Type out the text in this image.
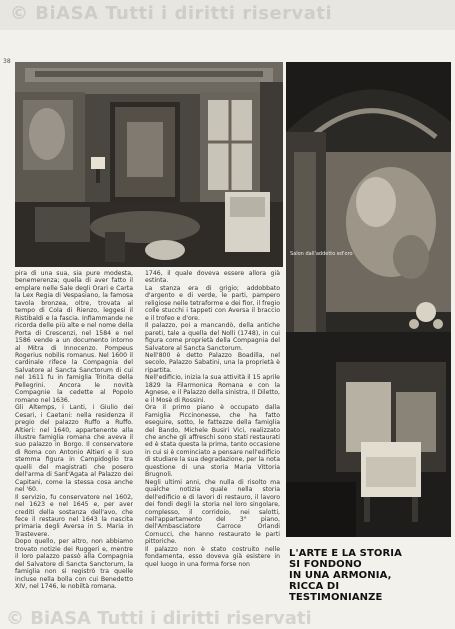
© BiASA Tutti i diritti riservati
38
Salon dall'addetto ed'oro

pira di una sua, sia pure modesta, benemerenza; quella di aver fatto il emplare nelle Sale degli Orari e Carta la Lex Regia di Vespasiano, la famosa tavola bronzea, oltre, trovata al tempo di Cola di Rienzo, leggesi il Ristibaldi e la fascia. Infiammande ne ricorda delle più alte e nel nome della Porta di Crescenzi, nel 1584 e nel 1586 vende a un documento intorno al Mitra di Innocenzo. Pompeus Rogerius nobilis romanus. Nel 1600 il cardinale rifece la Compagnia del Salvatore al Sancta Sanctorum di cui nel 1611 fu in famiglia Trinita della Pellegrini. Ancora le novità Compagnie la cedette al Popolo romano nel 1636.

Gli Altemps, i Lanti, i Giulio dei Cesari, i Caetani: nella residenza il pregio del palazzo Ruffo a Ruffo. Altieri: nel 1640, appartenente alla illustre famiglia romana che aveva il suo palazzo in Borgo. Il conservatore di Roma con Antonio Altieri e il suo stemma figura in Campidoglio tra quelli del magistrati che posero dell'arma di Sant'Agata al Palazzo dei Capitani, come la stessa cosa anche nel '60.

Il servizio, fu conservatore nel 1602, nel 1623 e nel 1645 e, per aver crediti della sostanza dell'avo, che fece il restauro nel 1643 la nascita primaria degli Aversa in S. Maria in Trastevere.

Dopo quello, per altro, non abbiamo trovato notizie dei Ruggeri e, mentre il loro palazzo passò alla Compagnia del Salvatore di Sancta Sanctorum, la famiglia non si registrò tra quelle incluse nella bolla con cui Benedetto XIV, nel 1746, le nobiltà romana.

1746, il quale doveva essere allora già estinta.

La stanza era di grigio; addobbato d'argento e di verde, le parti, pampero religiose nelle tetraforme e dei fior, il fregio colle stucchi i tappeti con Aversa il braccio e il trofeo e d'ore.

Il palazzo, poi a mancandò, della antiche pareti, tale a quella del Nolli (1748), in cui figura come proprietà della Compagnia del Salvatore al Sancta Sanctorum.

Nell'800 è detto Palazzo Boadilla, nel secolo, Palazzo Sabatini, una la proprietà è ripartita.

Nell'edificio, inizia la sua attività il 15 aprile 1829 la Filarmonica Romana e con la Agnese, e il Palazzo della sinistra, Il Diletto, e il Mosè di Rossini.

Ora il primo piano è occupato dalla Famiglia Piccinonesse, che ha fatto eseguire, sotto, le fattezze della famiglia del Bando, Michele Busiri Vici, realizzato che anche gli affreschi sono stati restaurati ed è stata questa la prima, tanto occasione in cui si è cominciato a pensare nell'edificio di studiare la sua degradazione, per la nota questione di una storia Maria Vittoria Brugnoli.

Negli ultimi anni, che nulla di risolto ma qualche notizia quale nella storia dell'edificio e di lavori di restauro, il lavoro dei fondi degli la storia nel loro singolare, complesso, il corridoio, nei salotti, nell'appartamento del 3° piano, dell'Ambasciatore Carroce Orlandi Cornucci, che hanno restaurato le parti pittoriche.

Il palazzo non è stato costruito nelle fondamenta, esso doveva già esistere in quel luogo in una forma forse non

L'ARTE E LA STORIA
SI FONDONO
IN UNA ARMONIA,
RICCA DI
TESTIMONIANZE
© BiASA Tutti i diritti riservati
